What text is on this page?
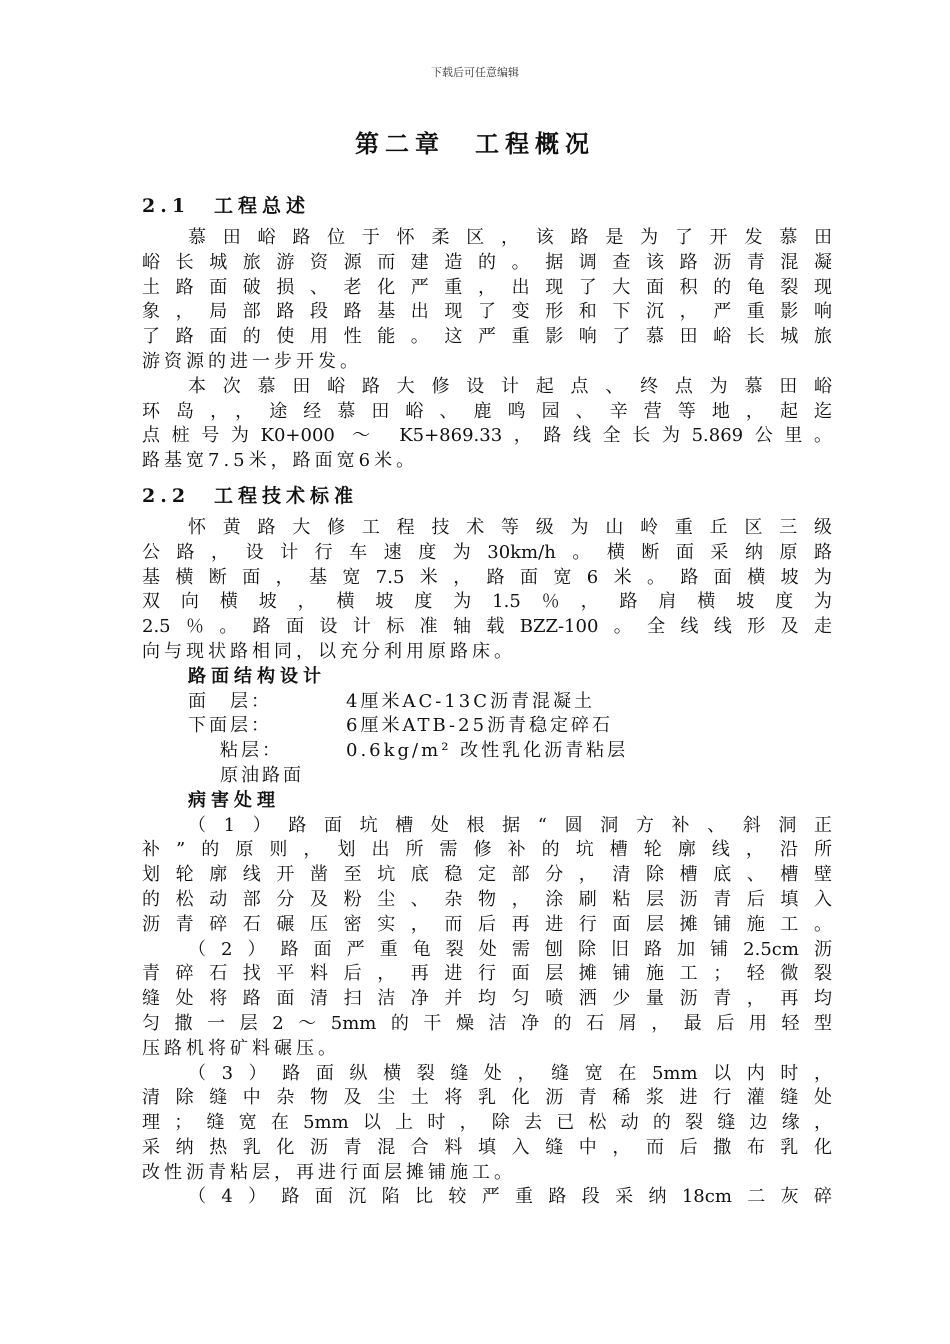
下载后可任意编辑
第二章　工程概况
2.1　工程总述
慕田峪路位于怀柔区，该路是为了开发慕田
峪长城旅游资源而建造的。据调查该路沥青混凝
土路面破损、老化严重，出现了大面积的龟裂现
象，局部路段路基出现了变形和下沉，严重影响
了路面的使用性能。这严重影响了慕田峪长城旅
游资源的进一步开发。
本次慕田峪路大修设计起点、终点为慕田峪
环岛，，途经慕田峪、鹿鸣园、辛营等地，起迄
点桩号为K0+000 ～ K5+869.33，路线全长为5.869公里。
路基宽7.5米，路面宽6米。
2.2　工程技术标准
怀黄路大修工程技术等级为山岭重丘区三级
公路，设计行车速度为30km/h。横断面采纳原路
基横断面，基宽7.5米，路面宽6米。路面横坡为
双向横坡，横坡度为1.5％，路肩横坡度为
2.5％。路面设计标准轴载BZZ-100。全线线形及走
向与现状路相同，以充分利用原路床。
路面结构设计
面　层：	4厘米AC-13C沥青混凝土
下面层：	6厘米ATB-25沥青稳定碎石
粘层：	0.6kg/m² 改性乳化沥青粘层
原油路面
病害处理
（1）路面坑槽处根据“圆洞方补、斜洞正
补”的原则，划出所需修补的坑槽轮廓线，沿所
划轮廓线开凿至坑底稳定部分，清除槽底、槽壁
的松动部分及粉尘、杂物，涂刷粘层沥青后填入
沥青碎石碾压密实，而后再进行面层摊铺施工。
（2）路面严重龟裂处需刨除旧路加铺2.5cm沥
青碎石找平料后，再进行面层摊铺施工；轻微裂
缝处将路面清扫洁净并均匀喷洒少量沥青，再均
匀撒一层2～5mm的干燥洁净的石屑，最后用轻型
压路机将矿料碾压。
（3）路面纵横裂缝处，缝宽在5mm以内时，
清除缝中杂物及尘土将乳化沥青稀浆进行灌缝处
理；缝宽在5mm以上时，除去已松动的裂缝边缘，
采纳热乳化沥青混合料填入缝中，而后撒布乳化
改性沥青粘层，再进行面层摊铺施工。
（4）路面沉陷比较严重路段采纳18cm二灰碎
